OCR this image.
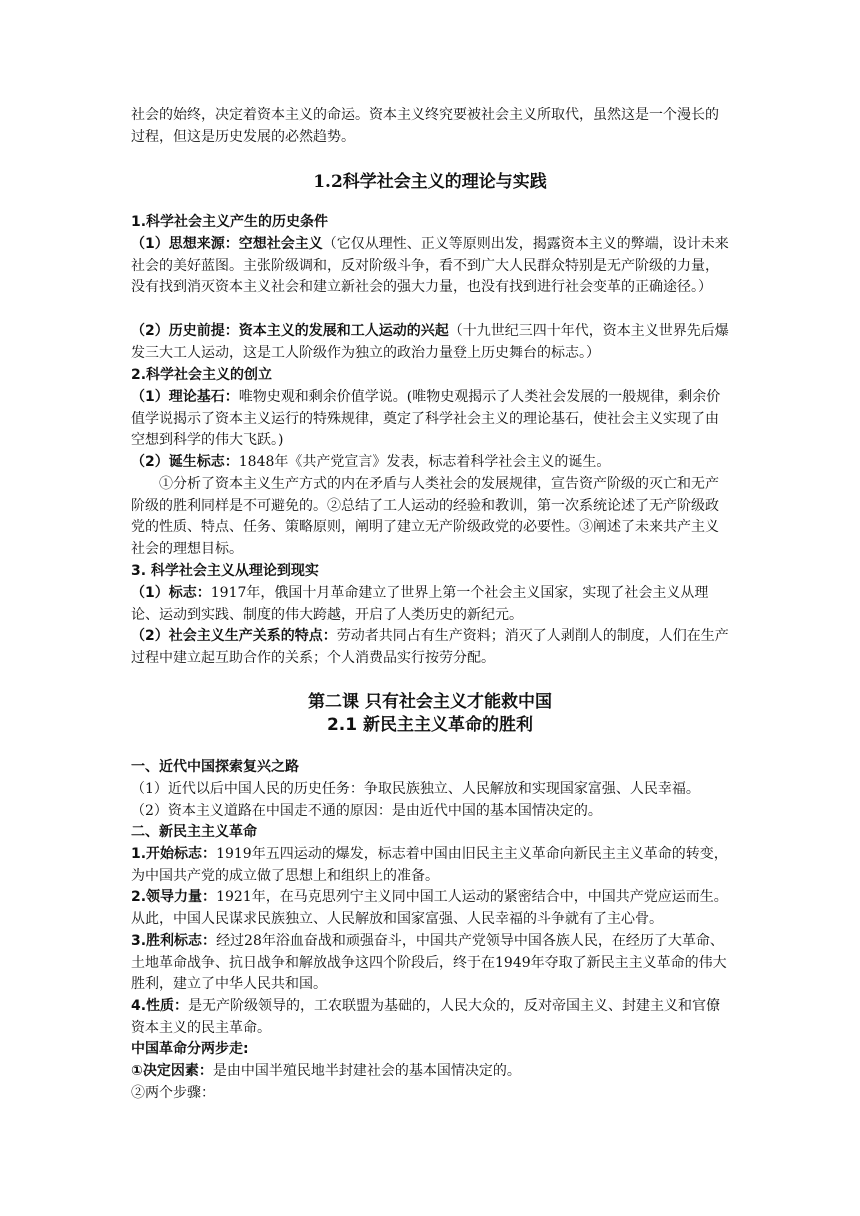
社会的始终，决定着资本主义的命运。资本主义终究要被社会主义所取代，虽然这是一个漫长的过程，但这是历史发展的必然趋势。

1.2科学社会主义的理论与实践

1.科学社会主义产生的历史条件

（1）思想来源：空想社会主义（它仅从理性、正义等原则出发，揭露资本主义的弊端，设计未来社会的美好蓝图。主张阶级调和，反对阶级斗争，看不到广大人民群众特别是无产阶级的力量，没有找到消灭资本主义社会和建立新社会的强大力量，也没有找到进行社会变革的正确途径。）

（2）历史前提：资本主义的发展和工人运动的兴起（十九世纪三四十年代，资本主义世界先后爆发三大工人运动，这是工人阶级作为独立的政治力量登上历史舞台的标志。）

2.科学社会主义的创立

（1）理论基石：唯物史观和剩余价值学说。(唯物史观揭示了人类社会发展的一般规律，剩余价值学说揭示了资本主义运行的特殊规律，奠定了科学社会主义的理论基石，使社会主义实现了由空想到科学的伟大飞跃。)

（2）诞生标志：1848年《共产党宣言》发表，标志着科学社会主义的诞生。

①分析了资本主义生产方式的内在矛盾与人类社会的发展规律，宣告资产阶级的灭亡和无产阶级的胜利同样是不可避免的。②总结了工人运动的经验和教训，第一次系统论述了无产阶级政党的性质、特点、任务、策略原则，阐明了建立无产阶级政党的必要性。③阐述了未来共产主义社会的理想目标。

3. 科学社会主义从理论到现实

（1）标志：1917年，俄国十月革命建立了世界上第一个社会主义国家，实现了社会主义从理论、运动到实践、制度的伟大跨越，开启了人类历史的新纪元。

（2）社会主义生产关系的特点：劳动者共同占有生产资料；消灭了人剥削人的制度，人们在生产过程中建立起互助合作的关系；个人消费品实行按劳分配。

第二课 只有社会主义才能救中国
2.1 新民主主义革命的胜利

一、近代中国探索复兴之路

（1）近代以后中国人民的历史任务：争取民族独立、人民解放和实现国家富强、人民幸福。

（2）资本主义道路在中国走不通的原因：是由近代中国的基本国情决定的。

二、新民主主义革命

1.开始标志：1919年五四运动的爆发，标志着中国由旧民主主义革命向新民主主义革命的转变，为中国共产党的成立做了思想上和组织上的准备。

2.领导力量：1921年，在马克思列宁主义同中国工人运动的紧密结合中，中国共产党应运而生。从此，中国人民谋求民族独立、人民解放和国家富强、人民幸福的斗争就有了主心骨。

3.胜利标志：经过28年浴血奋战和顽强奋斗，中国共产党领导中国各族人民，在经历了大革命、土地革命战争、抗日战争和解放战争这四个阶段后，终于在1949年夺取了新民主主义革命的伟大胜利，建立了中华人民共和国。

4.性质：是无产阶级领导的，工农联盟为基础的，人民大众的，反对帝国主义、封建主义和官僚资本主义的民主革命。

中国革命分两步走:

①决定因素：是由中国半殖民地半封建社会的基本国情决定的。

②两个步骤：
